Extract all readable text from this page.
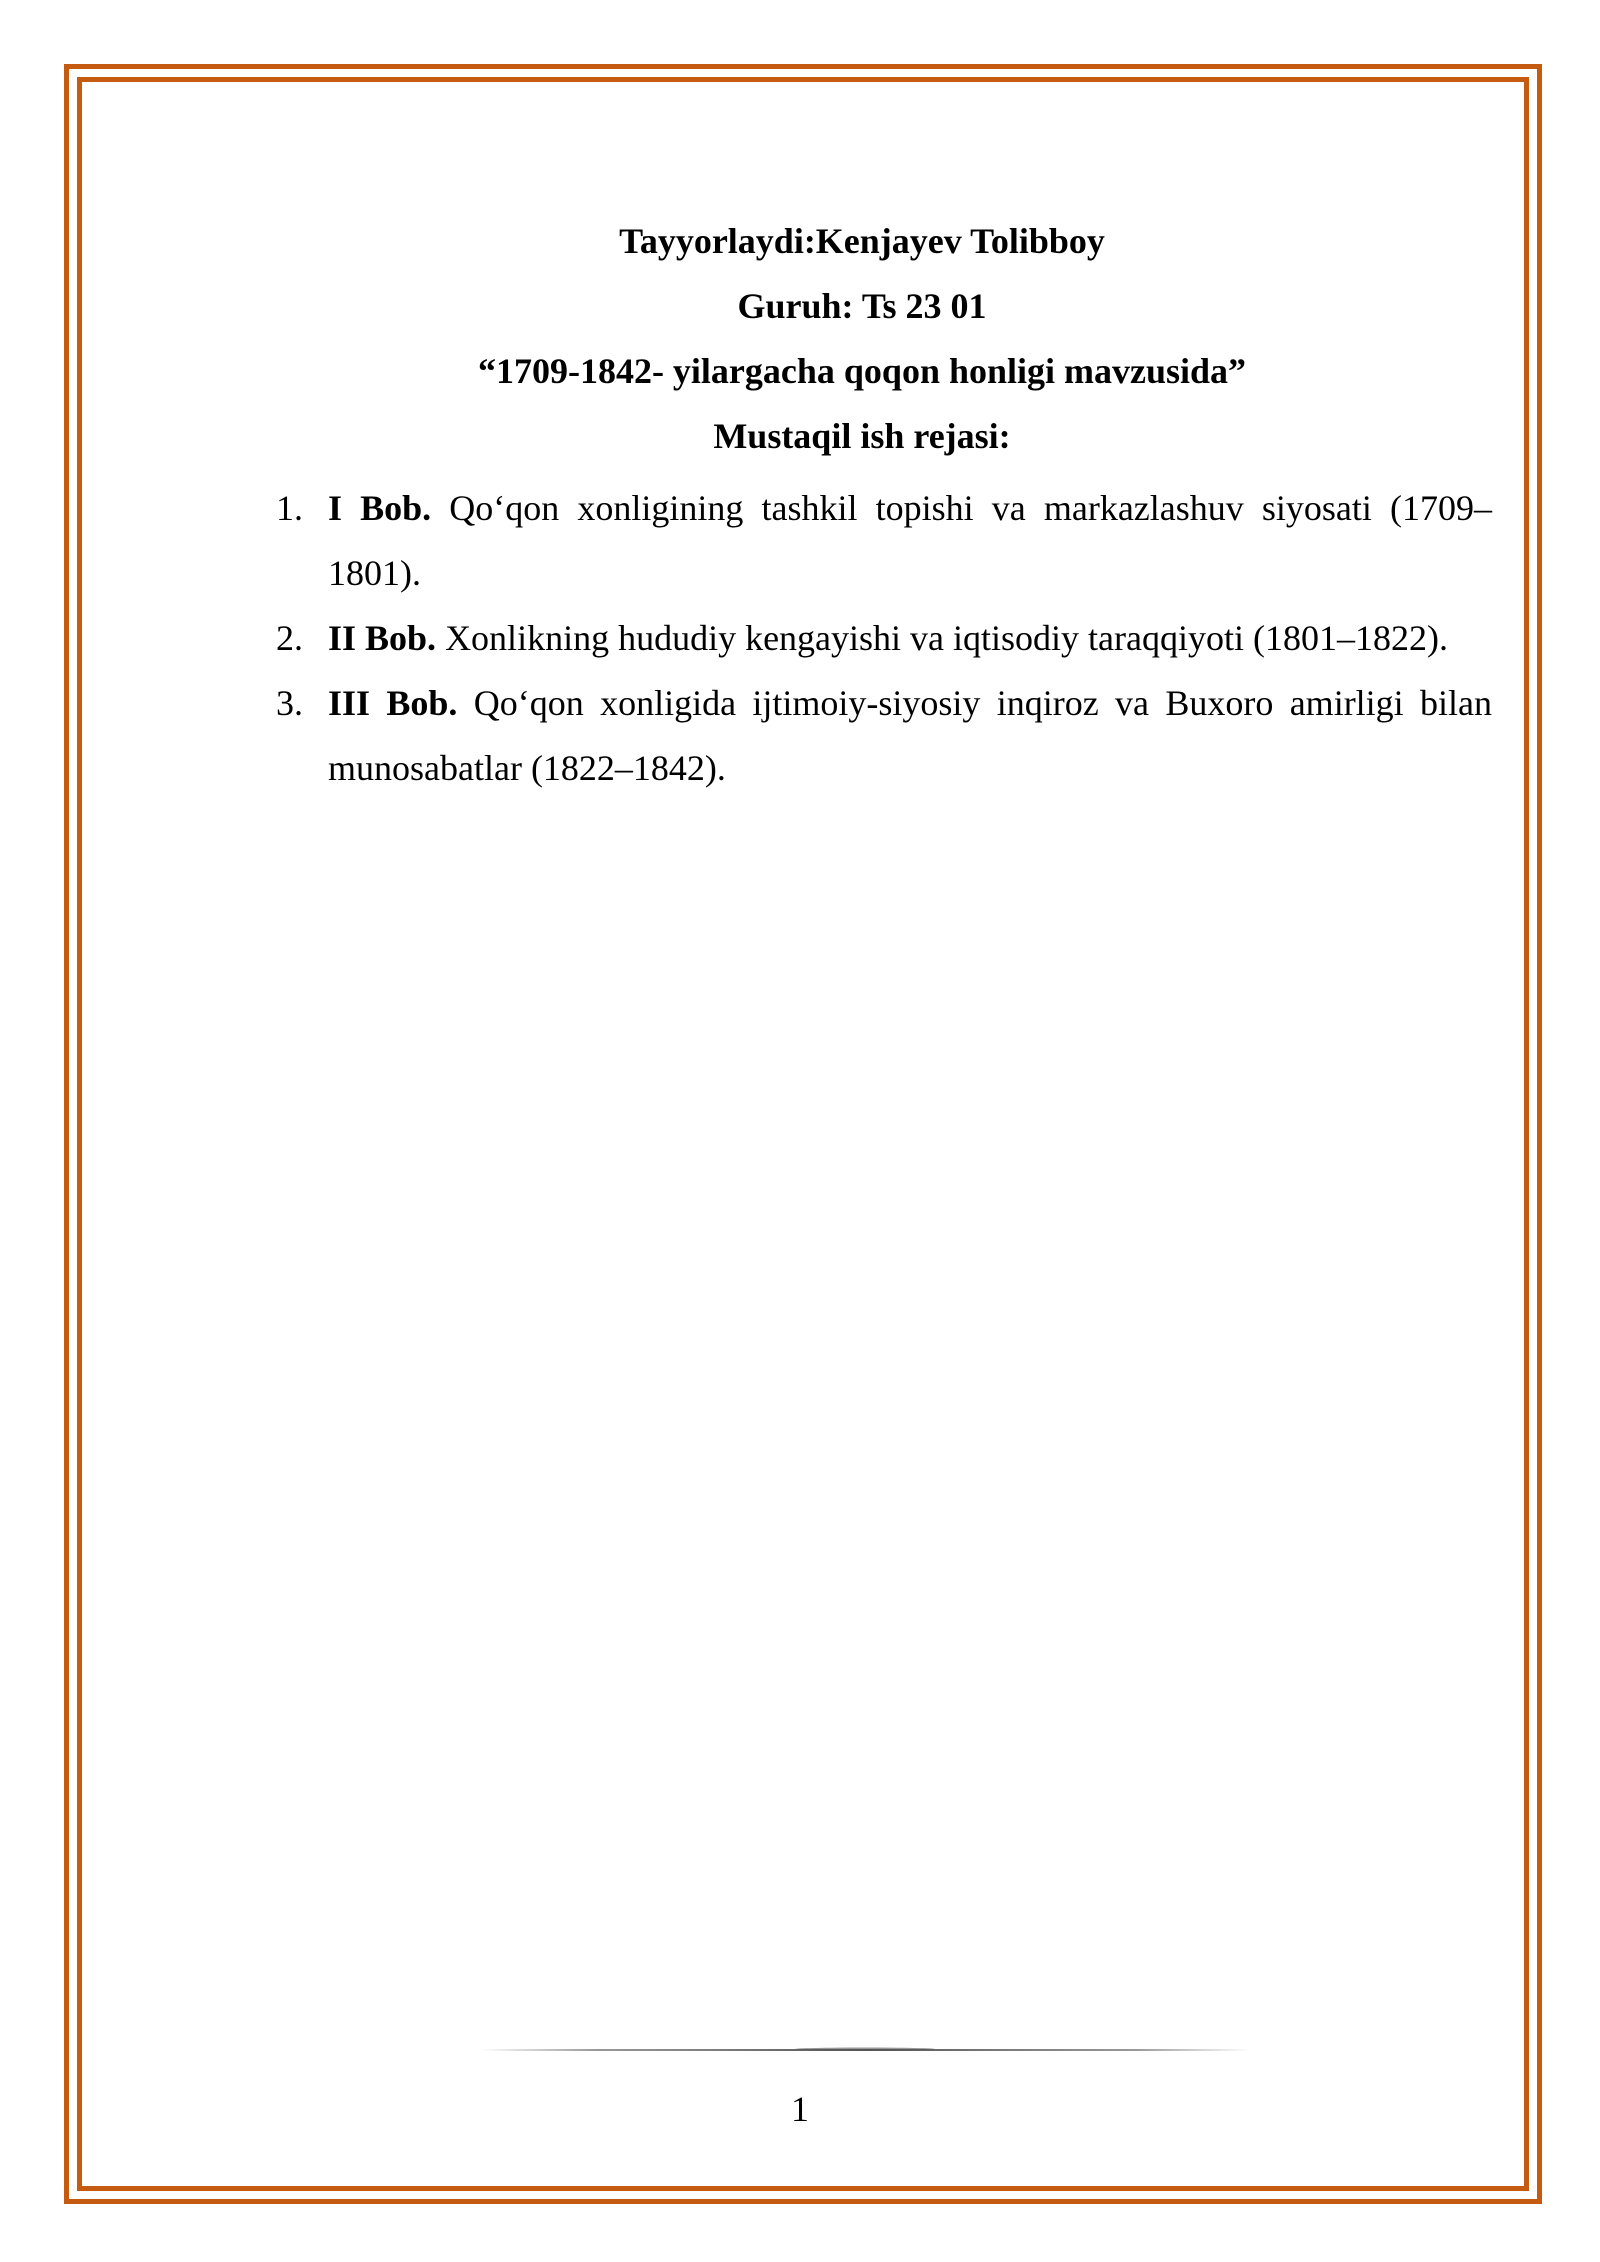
Tayyorlaydi:Kenjayev Tolibboy
Guruh: Ts 23 01
“1709-1842- yilargacha qoqon honligi mavzusida”
Mustaqil ish rejasi:
1. I Bob. Qo‘qon xonligining tashkil topishi va markazlashuv siyosati (1709–1801).
2. II Bob. Xonlikning hududiy kengayishi va iqtisodiy taraqqiyoti (1801–1822).
3. III Bob. Qo‘qon xonligida ijtimoiy-siyosiy inqiroz va Buxoro amirligi bilan munosabatlar (1822–1842).
1
